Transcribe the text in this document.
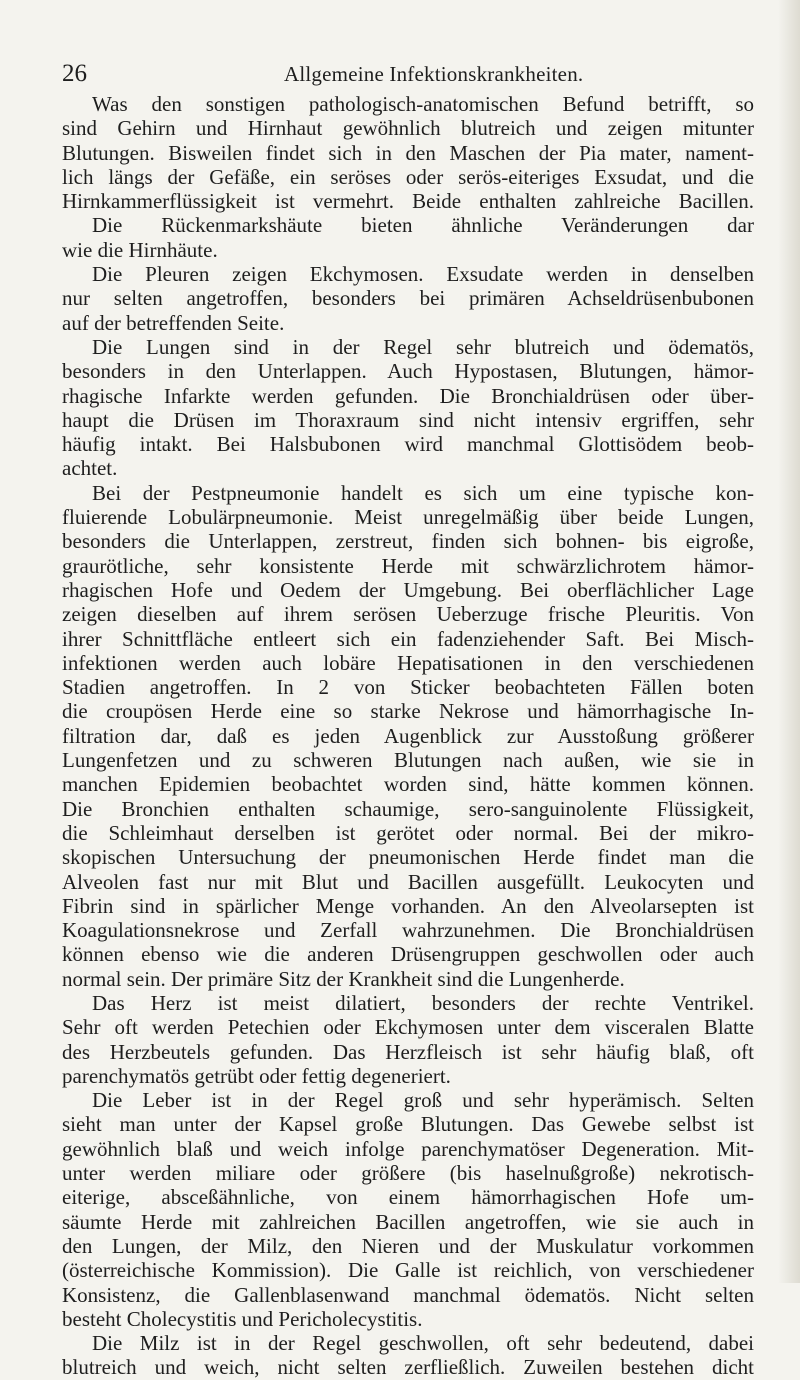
26	Allgemeine Infektionskrankheiten.
Was den sonstigen pathologisch-anatomischen Befund betrifft, so
sind Gehirn und Hirnhaut gewöhnlich blutreich und zeigen mitunter
Blutungen. Bisweilen findet sich in den Maschen der Pia mater, nament-
lich längs der Gefäße, ein seröses oder serös-eiteriges Exsudat, und die
Hirnkammerflüssigkeit ist vermehrt. Beide enthalten zahlreiche Bacillen.
Die Rückenmarkshäute bieten ähnliche Veränderungen dar
wie die Hirnhäute.
Die Pleuren zeigen Ekchymosen. Exsudate werden in denselben
nur selten angetroffen, besonders bei primären Achseldrüsenbubonen
auf der betreffenden Seite.
Die Lungen sind in der Regel sehr blutreich und ödematös,
besonders in den Unterlappen. Auch Hypostasen, Blutungen, hämor-
rhagische Infarkte werden gefunden. Die Bronchialdrüsen oder über-
haupt die Drüsen im Thoraxraum sind nicht intensiv ergriffen, sehr
häufig intakt. Bei Halsbubonen wird manchmal Glottisödem beob-
achtet.
Bei der Pestpneumonie handelt es sich um eine typische kon-
fluierende Lobulärpneumonie. Meist unregelmäßig über beide Lungen,
besonders die Unterlappen, zerstreut, finden sich bohnen- bis eigroße,
graurötliche, sehr konsistente Herde mit schwärzlichrotem hämor-
rhagischen Hofe und Oedem der Umgebung. Bei oberflächlicher Lage
zeigen dieselben auf ihrem serösen Ueberzuge frische Pleuritis. Von
ihrer Schnittfläche entleert sich ein fadenziehender Saft. Bei Misch-
infektionen werden auch lobäre Hepatisationen in den verschiedenen
Stadien angetroffen. In 2 von Sticker beobachteten Fällen boten
die croupösen Herde eine so starke Nekrose und hämorrhagische In-
filtration dar, daß es jeden Augenblick zur Ausstoßung größerer
Lungenfetzen und zu schweren Blutungen nach außen, wie sie in
manchen Epidemien beobachtet worden sind, hätte kommen können.
Die Bronchien enthalten schaumige, sero-sanguinolente Flüssigkeit,
die Schleimhaut derselben ist gerötet oder normal. Bei der mikro-
skopischen Untersuchung der pneumonischen Herde findet man die
Alveolen fast nur mit Blut und Bacillen ausgefüllt. Leukocyten und
Fibrin sind in spärlicher Menge vorhanden. An den Alveolarsepten ist
Koagulationsnekrose und Zerfall wahrzunehmen. Die Bronchialdrüsen
können ebenso wie die anderen Drüsengruppen geschwollen oder auch
normal sein. Der primäre Sitz der Krankheit sind die Lungenherde.
Das Herz ist meist dilatiert, besonders der rechte Ventrikel.
Sehr oft werden Petechien oder Ekchymosen unter dem visceralen Blatte
des Herzbeutels gefunden. Das Herzfleisch ist sehr häufig blaß, oft
parenchymatös getrübt oder fettig degeneriert.
Die Leber ist in der Regel groß und sehr hyperämisch. Selten
sieht man unter der Kapsel große Blutungen. Das Gewebe selbst ist
gewöhnlich blaß und weich infolge parenchymatöser Degeneration. Mit-
unter werden miliare oder größere (bis haselnußgroße) nekrotisch-
eiterige, absceßähnliche, von einem hämorrhagischen Hofe um-
säumte Herde mit zahlreichen Bacillen angetroffen, wie sie auch in
den Lungen, der Milz, den Nieren und der Muskulatur vorkommen
(österreichische Kommission). Die Galle ist reichlich, von verschiedener
Konsistenz, die Gallenblasenwand manchmal ödematös. Nicht selten
besteht Cholecystitis und Pericholecystitis.
Die Milz ist in der Regel geschwollen, oft sehr bedeutend, dabei
blutreich und weich, nicht selten zerfließlich. Zuweilen bestehen dicht
